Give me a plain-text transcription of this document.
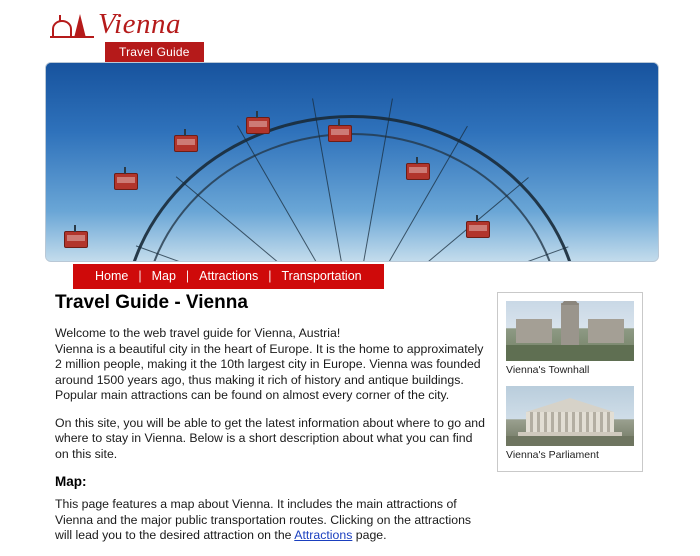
Vienna
Travel Guide
Home | Map | Attractions | Transportation
Travel Guide - Vienna

Welcome to the web travel guide for Vienna, Austria!
Vienna is a beautiful city in the heart of Europe. It is the home to approximately 2 million people, making it the 10th largest city in Europe. Vienna was founded around 1500 years ago, thus making it rich of history and antique buildings. Popular main attractions can be found on almost every corner of the city.

On this site, you will be able to get the latest information about where to go and where to stay in Vienna. Below is a short description about what you can find on this site.

Map:

This page features a map about Vienna. It includes the main attractions of Vienna and the major public transportation routes. Clicking on the attractions will lead you to the desired attraction on the Attractions page.

Vienna's Townhall
Vienna's Parliament
